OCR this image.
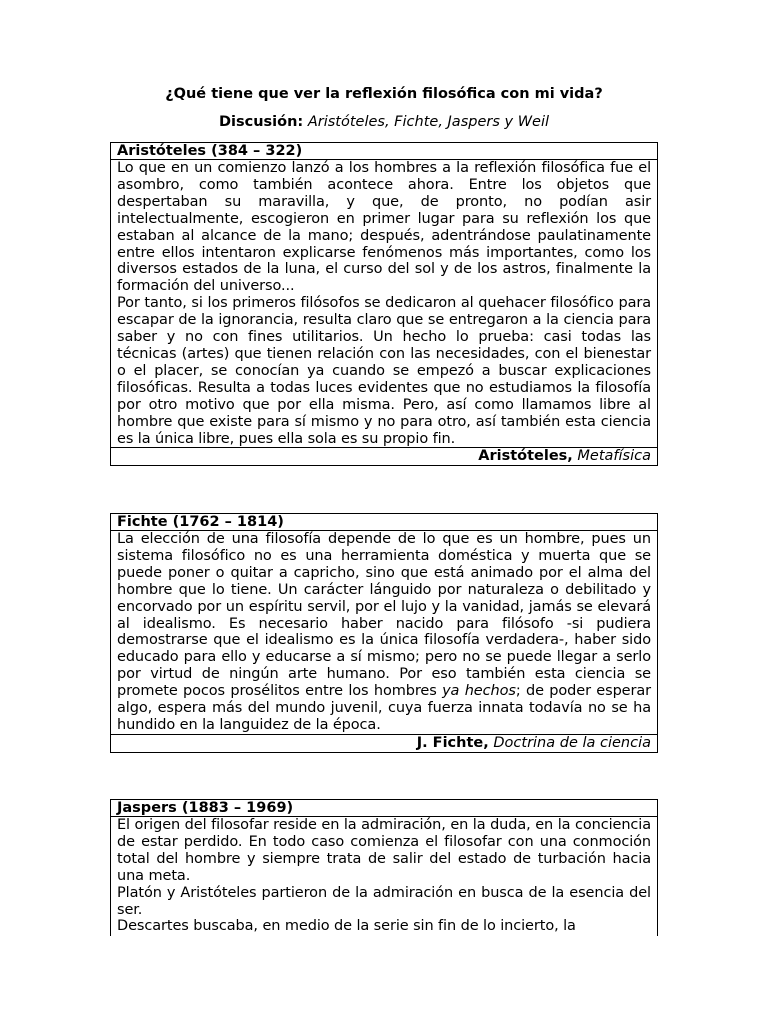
¿Qué tiene que ver la reflexión filosófica con mi vida?
Discusión: Aristóteles, Fichte, Jaspers y Weil
Aristóteles (384 – 322)

Lo que en un comienzo lanzó a los hombres a la reflexión filosófica fue el asombro, como también acontece ahora. Entre los objetos que despertaban su maravilla, y que, de pronto, no podían asir intelectualmente, escogieron en primer lugar para su reflexión los que estaban al alcance de la mano; después, adentrándose paulatinamente entre ellos intentaron explicarse fenómenos más importantes, como los diversos estados de la luna, el curso del sol y de los astros, finalmente la formación del universo...

Por tanto, si los primeros filósofos se dedicaron al quehacer filosófico para escapar de la ignorancia, resulta claro que se entregaron a la ciencia para saber y no con fines utilitarios. Un hecho lo prueba: casi todas las técnicas (artes) que tienen relación con las necesidades, con el bienestar o el placer, se conocían ya cuando se empezó a buscar explicaciones filosóficas. Resulta a todas luces evidentes que no estudiamos la filosofía por otro motivo que por ella misma. Pero, así como llamamos libre al hombre que existe para sí mismo y no para otro, así también esta ciencia es la única libre, pues ella sola es su propio fin.

Aristóteles, Metafísica
Fichte (1762 – 1814)

La elección de una filosofía depende de lo que es un hombre, pues un sistema filosófico no es una herramienta doméstica y muerta que se puede poner o quitar a capricho, sino que está animado por el alma del hombre que lo tiene. Un carácter lánguido por naturaleza o debilitado y encorvado por un espíritu servil, por el lujo y la vanidad, jamás se elevará al idealismo. Es necesario haber nacido para filósofo -si pudiera demostrarse que el idealismo es la única filosofía verdadera-, haber sido educado para ello y educarse a sí mismo; pero no se puede llegar a serlo por virtud de ningún arte humano. Por eso también esta ciencia se promete pocos prosélitos entre los hombres ya hechos; de poder esperar algo, espera más del mundo juvenil, cuya fuerza innata todavía no se ha hundido en la languidez de la época.

J. Fichte, Doctrina de la ciencia
Jaspers (1883 – 1969)

El origen del filosofar reside en la admiración, en la duda, en la conciencia de estar perdido. En todo caso comienza el filosofar con una conmoción total del hombre y siempre trata de salir del estado de turbación hacia una meta.

Platón y Aristóteles partieron de la admiración en busca de la esencia del ser.

Descartes buscaba, en medio de la serie sin fin de lo incierto, la
